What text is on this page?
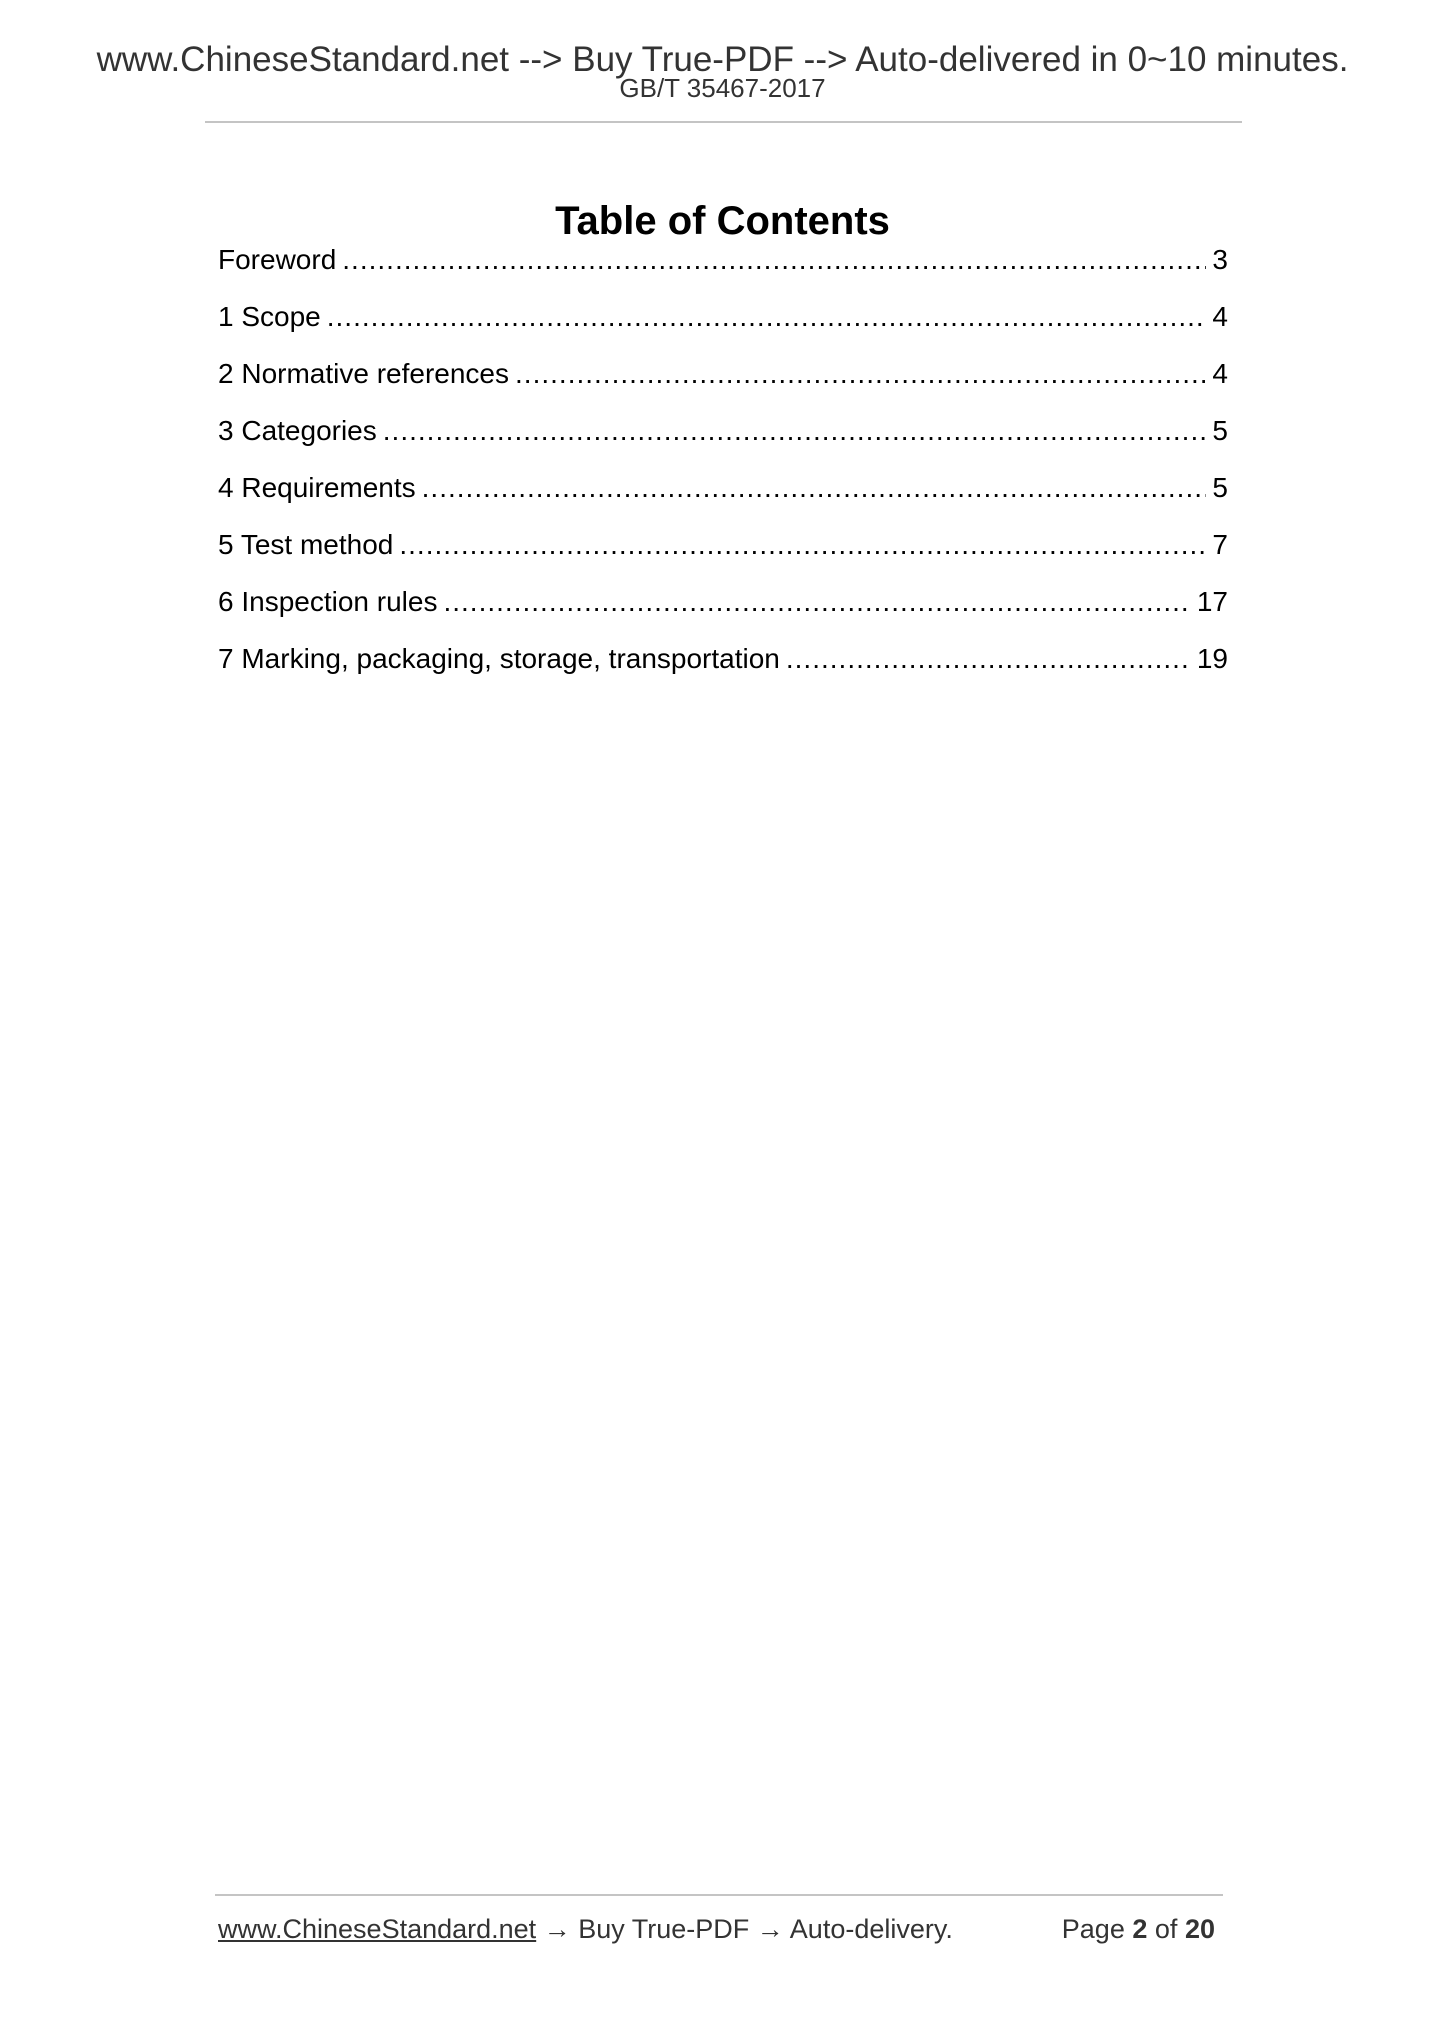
www.ChineseStandard.net --> Buy True-PDF --> Auto-delivered in 0~10 minutes.
GB/T 35467-2017
Table of Contents
Foreword .....	3
1 Scope .....	4
2 Normative references .....	4
3 Categories .....	5
4 Requirements .....	5
5 Test method .....	7
6 Inspection rules .....	17
7 Marking, packaging, storage, transportation .....	19
www.ChineseStandard.net → Buy True-PDF → Auto-delivery.	Page 2 of 20
